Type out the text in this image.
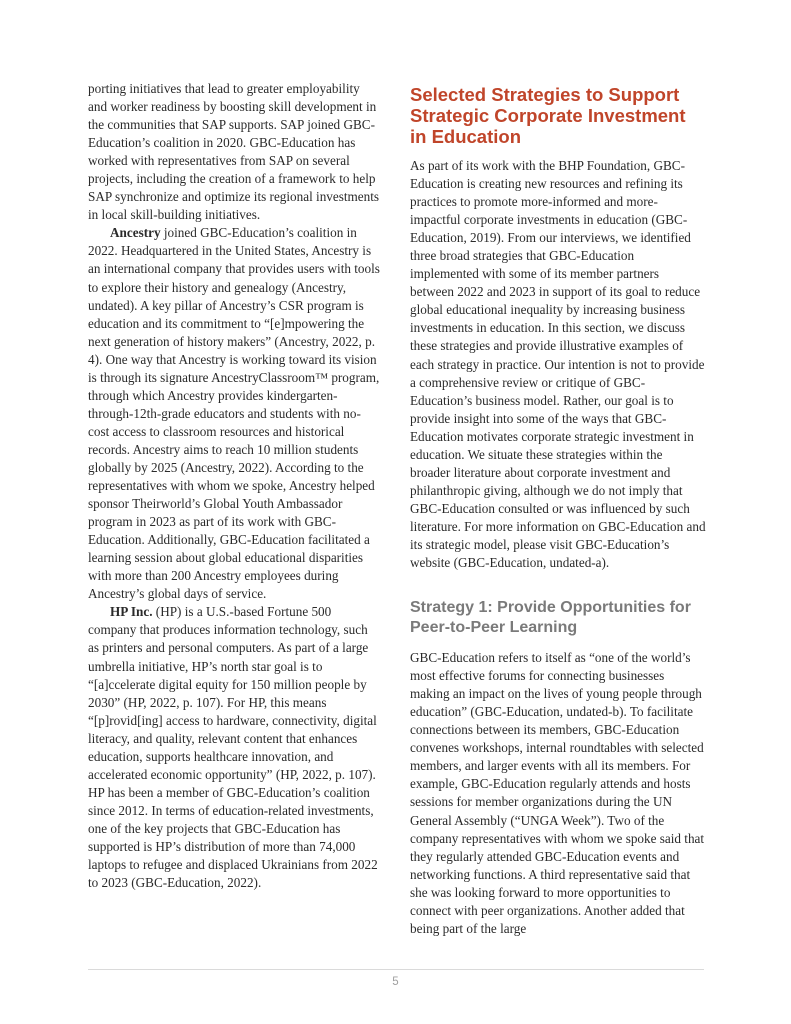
porting initiatives that lead to greater employability and worker readiness by boosting skill development in the communities that SAP supports. SAP joined GBC-Education’s coalition in 2020. GBC-Education has worked with representatives from SAP on several projects, including the creation of a framework to help SAP synchronize and optimize its regional investments in local skill-building initiatives.

Ancestry joined GBC-Education’s coalition in 2022. Headquartered in the United States, Ancestry is an international company that provides users with tools to explore their history and genealogy (Ancestry, undated). A key pillar of Ancestry’s CSR program is education and its commitment to “[e]mpowering the next generation of history makers” (Ancestry, 2022, p. 4). One way that Ancestry is working toward its vision is through its signature AncestryClassroom™ program, through which Ancestry provides kindergarten-through-12th-grade educators and students with no-cost access to classroom resources and historical records. Ancestry aims to reach 10 million students globally by 2025 (Ancestry, 2022). According to the representatives with whom we spoke, Ancestry helped sponsor Theirworld’s Global Youth Ambassador program in 2023 as part of its work with GBC-Education. Additionally, GBC-Education facilitated a learning session about global educational disparities with more than 200 Ancestry employees during Ancestry’s global days of service.

HP Inc. (HP) is a U.S.-based Fortune 500 company that produces information technology, such as printers and personal computers. As part of a large umbrella initiative, HP’s north star goal is to “[a]ccelerate digital equity for 150 million people by 2030” (HP, 2022, p. 107). For HP, this means “[p]rovid[ing] access to hardware, connectivity, digital literacy, and quality, relevant content that enhances education, supports healthcare innovation, and accelerated economic opportunity” (HP, 2022, p. 107). HP has been a member of GBC-Education’s coalition since 2012. In terms of education-related investments, one of the key projects that GBC-Education has supported is HP’s distribution of more than 74,000 laptops to refugee and displaced Ukrainians from 2022 to 2023 (GBC-Education, 2022).

Selected Strategies to Support Strategic Corporate Investment in Education

As part of its work with the BHP Foundation, GBC-Education is creating new resources and refining its practices to promote more-informed and more-impactful corporate investments in education (GBC-Education, 2019). From our interviews, we identified three broad strategies that GBC-Education implemented with some of its member partners between 2022 and 2023 in support of its goal to reduce global educational inequality by increasing business investments in education. In this section, we discuss these strategies and provide illustrative examples of each strategy in practice. Our intention is not to provide a comprehensive review or critique of GBC-Education’s business model. Rather, our goal is to provide insight into some of the ways that GBC-Education motivates corporate strategic investment in education. We situate these strategies within the broader literature about corporate investment and philanthropic giving, although we do not imply that GBC-Education consulted or was influenced by such literature. For more information on GBC-Education and its strategic model, please visit GBC-Education’s website (GBC-Education, undated-a).

Strategy 1: Provide Opportunities for Peer-to-Peer Learning

GBC-Education refers to itself as “one of the world’s most effective forums for connecting businesses making an impact on the lives of young people through education” (GBC-Education, undated-b). To facilitate connections between its members, GBC-Education convenes workshops, internal roundtables with selected members, and larger events with all its members. For example, GBC-Education regularly attends and hosts sessions for member organizations during the UN General Assembly (“UNGA Week”). Two of the company representatives with whom we spoke said that they regularly attended GBC-Education events and networking functions. A third representative said that she was looking forward to more opportunities to connect with peer organizations. Another added that being part of the large

5
